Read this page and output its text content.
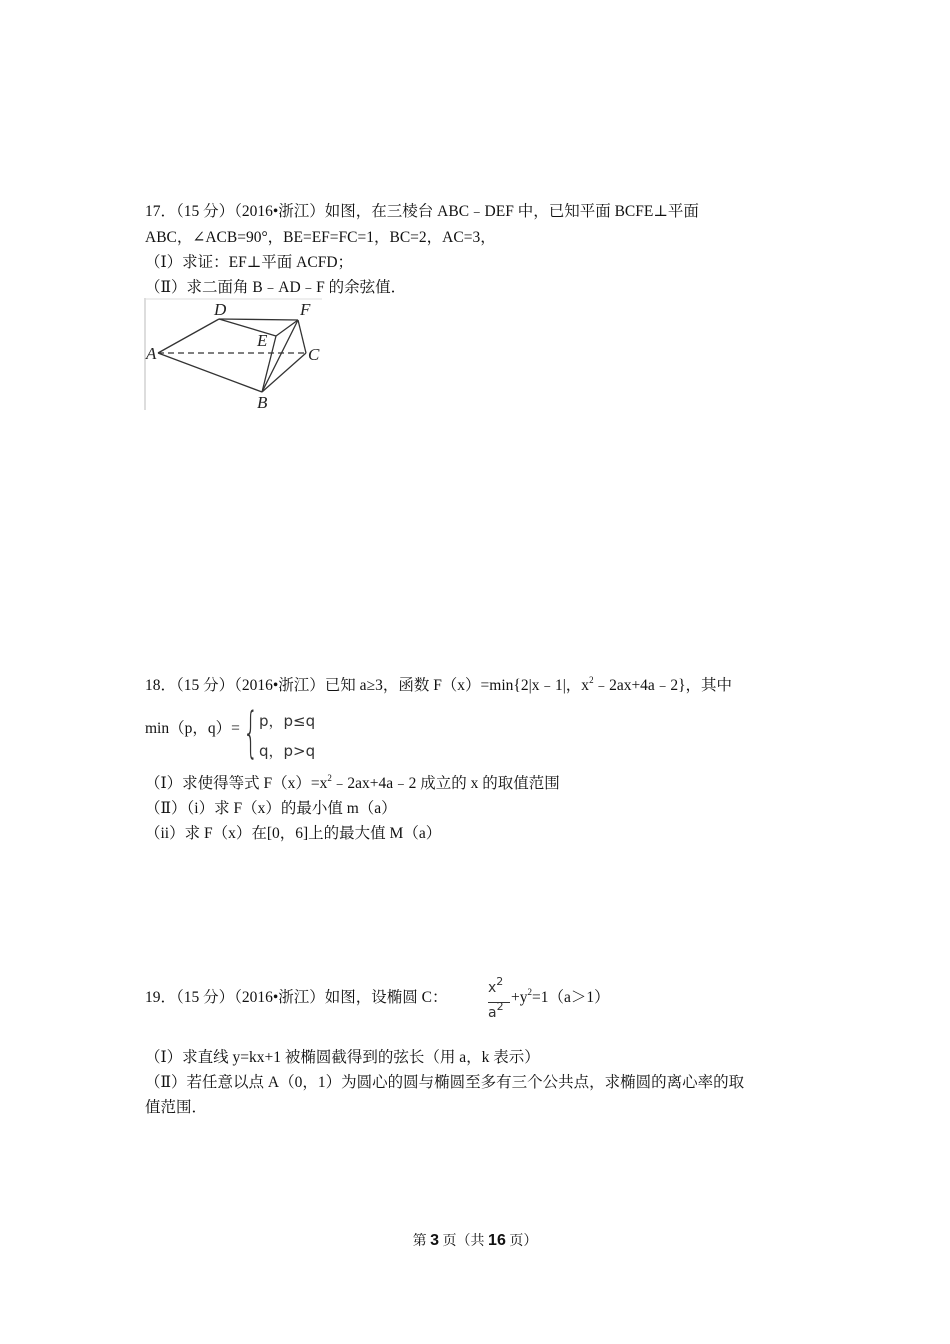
17．（15 分）（2016•浙江）如图，在三棱台 ABC﹣DEF 中，已知平面 BCFE⊥平面
ABC，∠ACB=90°，BE=EF=FC=1，BC=2，AC=3，
（Ⅰ）求证：EF⊥平面 ACFD；
（Ⅱ）求二面角 B﹣AD﹣F 的余弦值．
A
D	F
E
C
B
18．（15 分）（2016•浙江）已知 a≥3，函数 F（x）=min{2|x﹣1|，$x^2﹣2ax+4a﹣2$}，其中
min（p，q）= { p，p≤q
q，p>q
（Ⅰ）求使得等式 $F(x)=x^2﹣2ax+4a﹣2$ 成立的 x 的取值范围
（Ⅱ）（i）求 F（x）的最小值 m（a）
（ii）求 F（x）在[0，6]上的最大值 M（a）
19．（15 分）（2016•浙江）如图，设椭圆 C：
$x^2$
$a^2$
$+y^2=1(a>1)$
（Ⅰ）求直线 y=kx+1 被椭圆截得到的弦长（用 a，k 表示）
（Ⅱ）若任意以点 A（0，1）为圆心的圆与椭圆至多有三个公共点，求椭圆的离心率的取
值范围．
第 3 页（共 16 页）
